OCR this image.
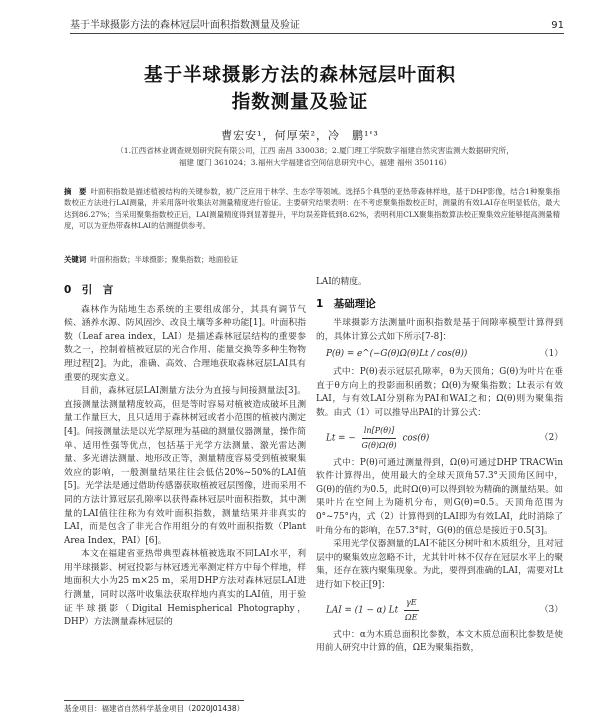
基于半球摄影方法的森林冠层叶面积指数测量及验证	91
基于半球摄影方法的森林冠层叶面积
指数测量及验证
曹宏安¹，何厚荣²，冷　鹏¹'³
（1.江西省林业调查规划研究院有限公司，江西 南昌 330038；2.厦门理工学院数字福建自然灾害监测大数据研究所，
福建 厦门 361024；3.福州大学福建省空间信息研究中心，福建 福州 350116）
摘　要 叶面积指数是描述植被结构的关键参数，被广泛应用于林学、生态学等领域。选择5个典型的亚热带森林样地，基于DHP影像，结合1种聚集指数校正方法进行LAI测量，并采用落叶收集法对测量精度进行验证。主要研究结果表明：在不考虑聚集指数校正时，测量的有效LAI存在明显低估，最大达到86.27%；当采用聚集指数校正后，LAI测量精度得到显著提升，平均误差降低到8.62%，表明利用CLX聚集指数算法校正聚集效应能够提高测量精度，可以为亚热带森林LAI的估测提供参考。
关键词 叶面积指数；半球摄影；聚集指数；地面验证
0　引　言

森林作为陆地生态系统的主要组成部分，其具有调节气候、涵养水源、防风固沙、改良土壤等多种功能[1]。叶面积指数（Leaf area index，LAI）是描述森林冠层结构的重要参数之一，控制着植被冠层的光合作用、能量交换等多种生物物理过程[2]。为此，准确、高效、合理地获取森林冠层LAI具有重要的现实意义。

目前，森林冠层LAI测量方法分为直接与间接测量法[3]。直接测量法测量精度较高，但是等时容易对植被造成破坏且测量工作量巨大，且只适用于森林树冠或者小范围的植被内测定[4]。间接测量法是以光学原理为基础的测量仪器测量，操作简单、适用性强等优点，包括基于光学方法测量、激光雷达测量、多光谱法测量、地形改正等，测量精度容易受到植被聚集效应的影响，一般测量结果往往会低估20%~50%的LAI值[5]。光学法是通过借助传感器获取植被冠层图像，进而采用不同的方法计算冠层孔隙率以获得森林冠层叶面积指数，其中测量的LAI值往往称为有效叶面积指数，测量结果并非真实的LAI，而是包含了非光合作用组分的有效叶面积指数（Plant Area Index，PAI）[6]。

本文在福建省亚热带典型森林植被选取不同LAI水平，利用半球摄影、树冠投影与林冠透光率测定样方中每个样地，样地面积大小为25 m×25 m，采用DHP方法对森林冠层LAI进行测量，同时以落叶收集法获取样地内真实的LAI值，用于验证半球摄影（Digital Hemispherical Photography，DHP）方法测量森林冠层的

LAI的精度。

1　基础理论

半球摄影方法测量叶面积指数是基于间隙率模型计算得到的，具体计算公式如下所示[7-8]：

P(θ) = e^(−G(θ)Ω(θ)Lt / cos(θ))	（1）

式中：P(θ)表示冠层孔隙率，θ为天顶角；G(θ)为叶片在垂直于θ方向上的投影面积函数；Ω(θ)为聚集指数；Lt表示有效LAI，与有效LAI分别称为PAI和WAI之和；Ω(θ)则为聚集指数。由式（1）可以推导出PAI的计算公式：

Lt = − $\frac{\ln[P(\theta)]}{G(\theta)\Omega(\theta)} \cos(\theta)$	（2）

式中：P(θ)可通过测量得到，Ω(θ)可通过DHP TRACWin软件计算得出，使用最大的全球天顶角57.3°天顶角区间中，G(θ)的值约为0.5，此时Ω(θ)可以得到较为精确的测量结果。如果叶片在空间上为随机分布，则G(θ)=0.5。天顶角范围为0°~75°内，式（2）计算得到的LAI即为有效LAI，此时消除了叶角分布的影响，在57.3°时，G(θ)的值总是接近于0.5[3]。

采用光学仪器测量的LAI不能区分树叶和木质组分，且对冠层中的聚集效应忽略不计，尤其针叶林不仅存在冠层水平上的聚集，还存在簇内聚集现象。为此，要得到准确的LAI，需要对Lt进行如下校正[9]：

LAI = (1 − α) Lt $\frac{\gamma E}{\Omega E}$	（3）

式中：α为木质总面积比参数，本文木质总面积比参数是使用前人研究中计算的值，ΩE为聚集指数，

基金项目：福建省自然科学基金项目（2020J01438）
